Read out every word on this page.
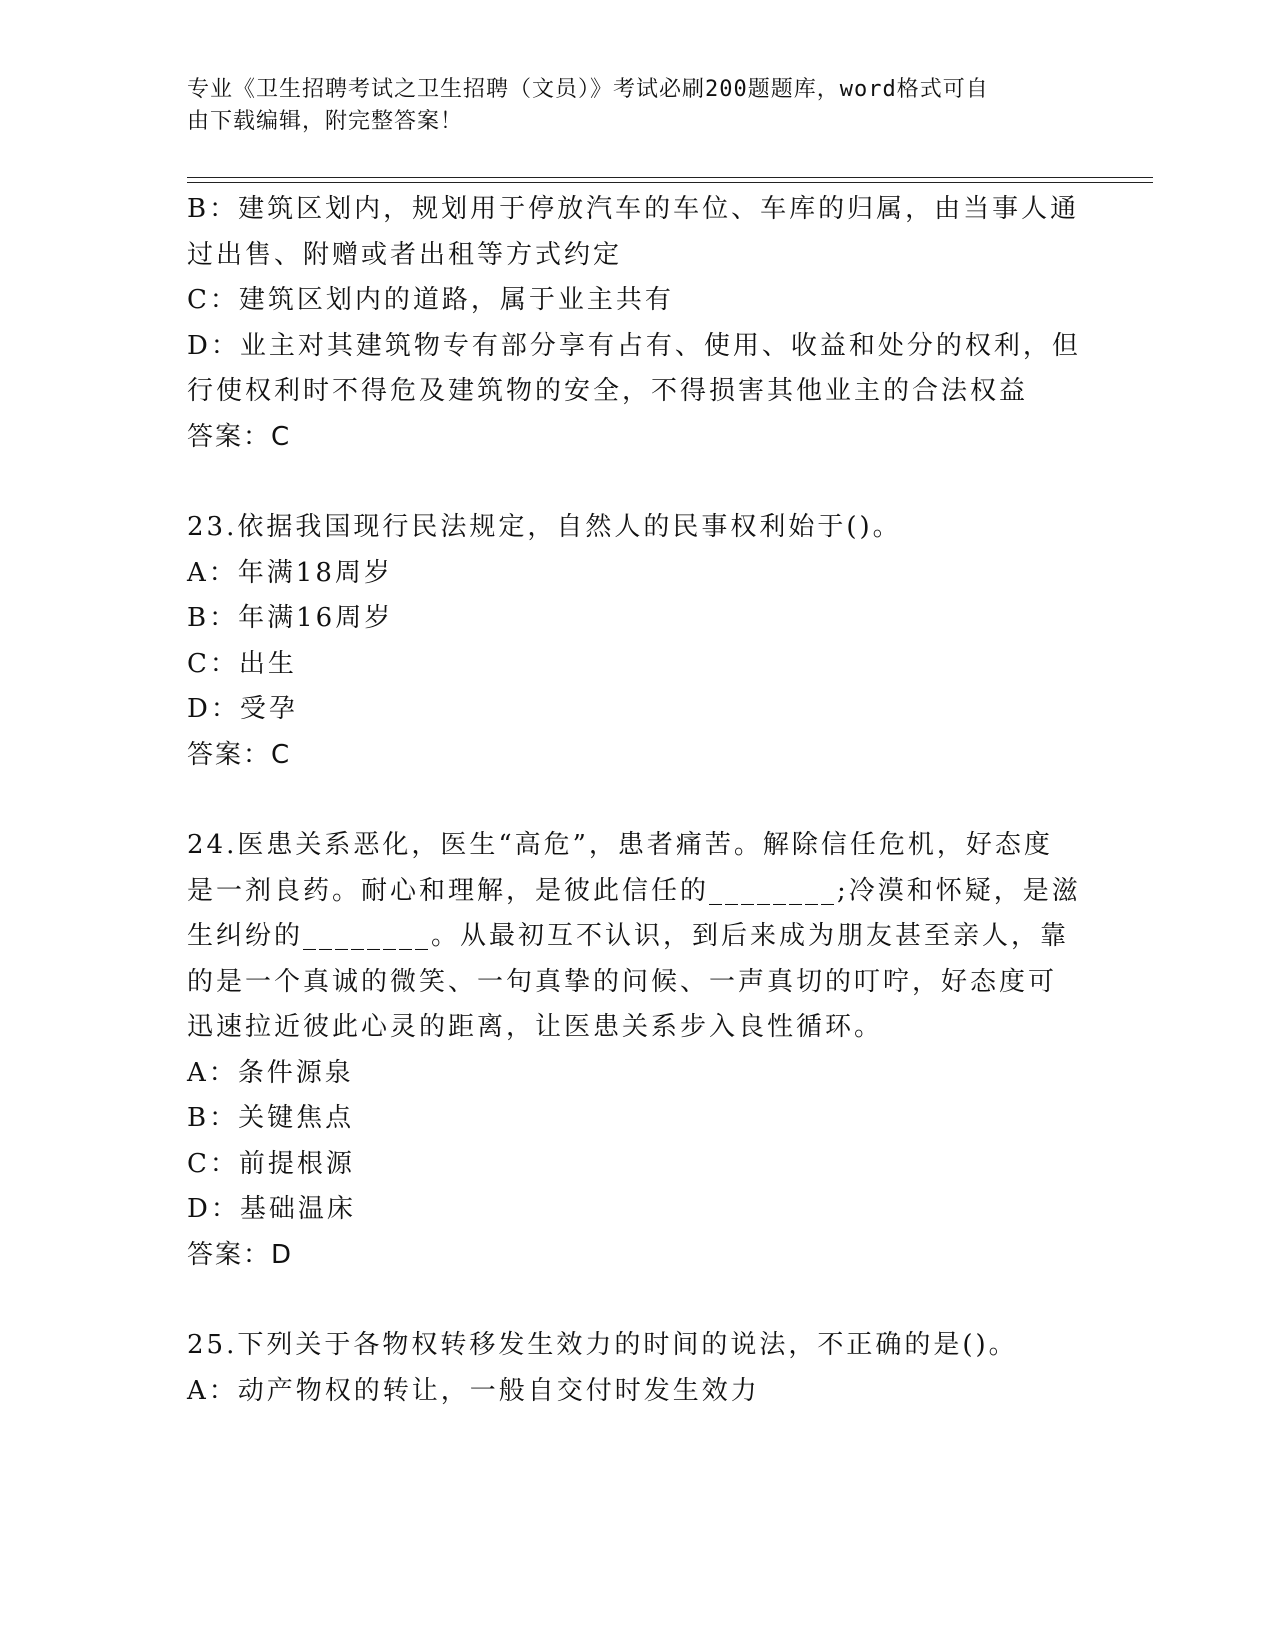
专业《卫生招聘考试之卫生招聘（文员）》考试必刷200题题库，word格式可自
由下载编辑，附完整答案！
B：建筑区划内，规划用于停放汽车的车位、车库的归属，由当事人通
过出售、附赠或者出租等方式约定
C：建筑区划内的道路，属于业主共有
D：业主对其建筑物专有部分享有占有、使用、收益和处分的权利，但
行使权利时不得危及建筑物的安全，不得损害其他业主的合法权益
答案：C
23.依据我国现行民法规定，自然人的民事权利始于()。
A：年满18周岁
B：年满16周岁
C：出生
D：受孕
答案：C
24.医患关系恶化，医生“高危”，患者痛苦。解除信任危机，好态度
是一剂良药。耐心和理解，是彼此信任的________;冷漠和怀疑，是滋
生纠纷的________。从最初互不认识，到后来成为朋友甚至亲人，靠
的是一个真诚的微笑、一句真挚的问候、一声真切的叮咛，好态度可
迅速拉近彼此心灵的距离，让医患关系步入良性循环。
A：条件源泉
B：关键焦点
C：前提根源
D：基础温床
答案：D
25.下列关于各物权转移发生效力的时间的说法，不正确的是()。
A：动产物权的转让，一般自交付时发生效力
